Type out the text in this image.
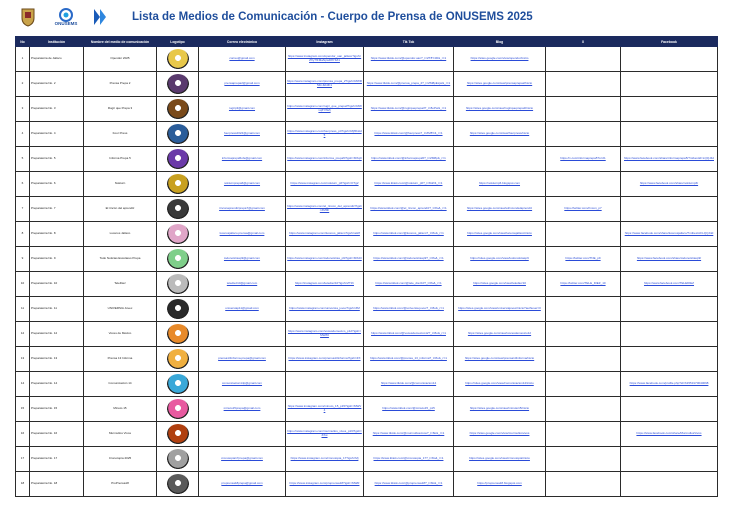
ONUSEMS
Lista de Medios de Comunicación - Cuerpo de Prensa de ONUSEMS 2025
No	Institución	Nombre del medio de comunicación	Logotipo	Correo electrónico	Instagram	Tik Tok	Blog	X	Facebook
1	Preparatoria de Jalisco	Opendor 2025		correo@gmail.com	https://www.instagram.com/opendor_uan_jalisco?igsh=ZXy7fFMaNpwD8Y4Z1	https://www.tiktok.com/@opendor.uan?_t=ZT8Y4D&_r=1	https://sites.google.com/view/opendor/inicio		
2	Preparatoria No. 2	Prensa Prepa 2		prensaprepa2@gmail.com	https://www.instagram.com/prensa_prepa_2?igsh=MWR5ZnJkb3F1	https://www.tiktok.com/@prensa_prepa_2?_t=ZM8pExjw&_r=1	https://sites.google.com/view/prensaprepa2/inicio		
3	Preparatoria No. 3	Rugir que Prepa 3		rugirp3@gmail.com	https://www.instagram.com/rugir_que_prepa3?igsh=MWxq6YWZj	https://www.tiktok.com/@rugirqueprepa3?_t=8oPw&_r=1	https://sites.google.com/view/rugirqueprepa3/inicio		
4	Preparatoria No. 4	Four Press		fourpress2024@gmail.com	https://www.instagram.com/fourpress_p4?igsh=MjI5bHd5	https://www.tiktok.com/@fourpress?_t=ZM8Y&_r=1	https://sites.google.com/view/fourpress/inicio		
5	Preparatoria No. 5	Informa Prepa 5		informaprepa5ofe@gmail.com	https://www.instagram.com/informa_prepa5?igsh=MXq0	https://www.tiktok.com/@informaprepa5?_t=ZM8p&_r=1		https://x.com/informaprepa5?s=21	https://www.facebook.com/share/informaprepa5/?mibextid=LQQJ4d
6	Preparatoria No. 6	Nokturn		nokturnprepa6@gmail.com	https://www.instagram.com/nokturn_p6?igsh=OTg2	https://www.tiktok.com/@nokturn_p6?_t=8oP&_r=1	https://nokturnp6.blogspot.com		https://www.facebook.com/share/nokturnp6/
7	Preparatoria No. 7	El rincón del aprendiz		rinconaprendizprepa7@gmail.com	https://www.instagram.com/el_rincon_del_aprendiz?igsh=ZM9h	https://www.tiktok.com/@el_rincon_aprendiz?_t=8o&_r=1	https://sites.google.com/view/elrincondelaprendiz	https://twitter.com/rincon_p7	
8	Preparatoria No. 8	Luceros Jalisco		lucerosjalisco.prensa@gmail.com	https://www.instagram.com/luceros_jalisco?igsh=aH8	https://www.tiktok.com/@luceros_jalisco?_t=8o&_r=1	https://sites.google.com/view/lucerosjalisco/inicio		https://www.facebook.com/share/lucerosjalisco/?mibextid=LQQJ4d
9	Preparatoria No. 9	Todo Noticias Escolares Prepa		todonoticiasp9@gmail.com	https://www.instagram.com/todonoticias_p9?igsh=MXd3	https://www.tiktok.com/@todonoticiasp9?_t=8o&_r=1	https://sites.google.com/view/todonoticiasp9	https://twitter.com/TNE_p9	https://www.facebook.com/share/todonoticiasp9/
10	Preparatoria No. 10	TeleDiez		telediez10@gmail.com	https://instagram.com/telediez10?igsh=ZTJh	https://www.tiktok.com/@tele_diez10?_t=8o&_r=1	https://sites.google.com/view/telediez10	https://twitter.com/TELE_DIEZ_10	https://www.facebook.com/TELEDIEZ
11	Preparatoria No. 11	UNIVERSIA Jovex		universiap11@gmail.com	https://www.instagram.com/universia_jovex?igsh=ZM	https://www.tiktok.com/@universia.jovex?_t=8o&_r=1	https://sites.google.com/view/universiajovex/inicio?authuser=0		
12	Preparatoria No. 12	Voces de México			https://www.instagram.com/vocesdemexico_p12?igsh=MWZ0	https://www.tiktok.com/@vocesdemexico12?_t=8o&_r=1	https://sites.google.com/view/vocesdemexico12		
13	Preparatoria No. 13	Prensa 13 Informa		prensa13informa.prepa@gmail.com	https://www.instagram.com/prensa13informa?igsh=ZX	https://www.tiktok.com/@prensa_13_informa?_t=8o&_r=1	https://sites.google.com/view/prensa13informa/inicio		
14	Preparatoria No. 14	Comunicación 14		comunicacion14p@gmail.com		https://www.tiktok.com/@comunicacion14	https://sites.google.com/view/comunicacion14/inicio		https://www.facebook.com/profile.php?id=61553170040098
15	Preparatoria No. 15	Minuto 15		minuto15prepa@gmail.com	https://www.instagram.com/minuto_15_p15?igsh=MWV4	https://www.tiktok.com/@minuto15_p15	https://sites.google.com/view/minuto15/inicio		
16	Preparatoria No. 16	Murmullos Vivos			https://www.instagram.com/murmullos_vivos_p16?igsh=ZXw	https://www.tiktok.com/@murmullosvivos?_t=8o&_r=1	https://sites.google.com/view/murmullosvivos		https://www.facebook.com/share/MurmullosVivos
17	Preparatoria No. 17	Cronotopía 2025		cronotopia17prepa@gmail.com	https://www.instagram.com/cronotopia_17?igsh=Mj	https://www.tiktok.com/@cronotopia_17?_t=8o&_r=1	https://sites.google.com/view/cronotopia/inicio		
18	Preparatoria No. 18	ProPrensa18		proprensa18prepa@gmail.com	https://www.instagram.com/proprensa18?igsh=MWR	https://www.tiktok.com/@proprensa18?_t=8o&_r=1	https://proprensa18.blogspot.com		
